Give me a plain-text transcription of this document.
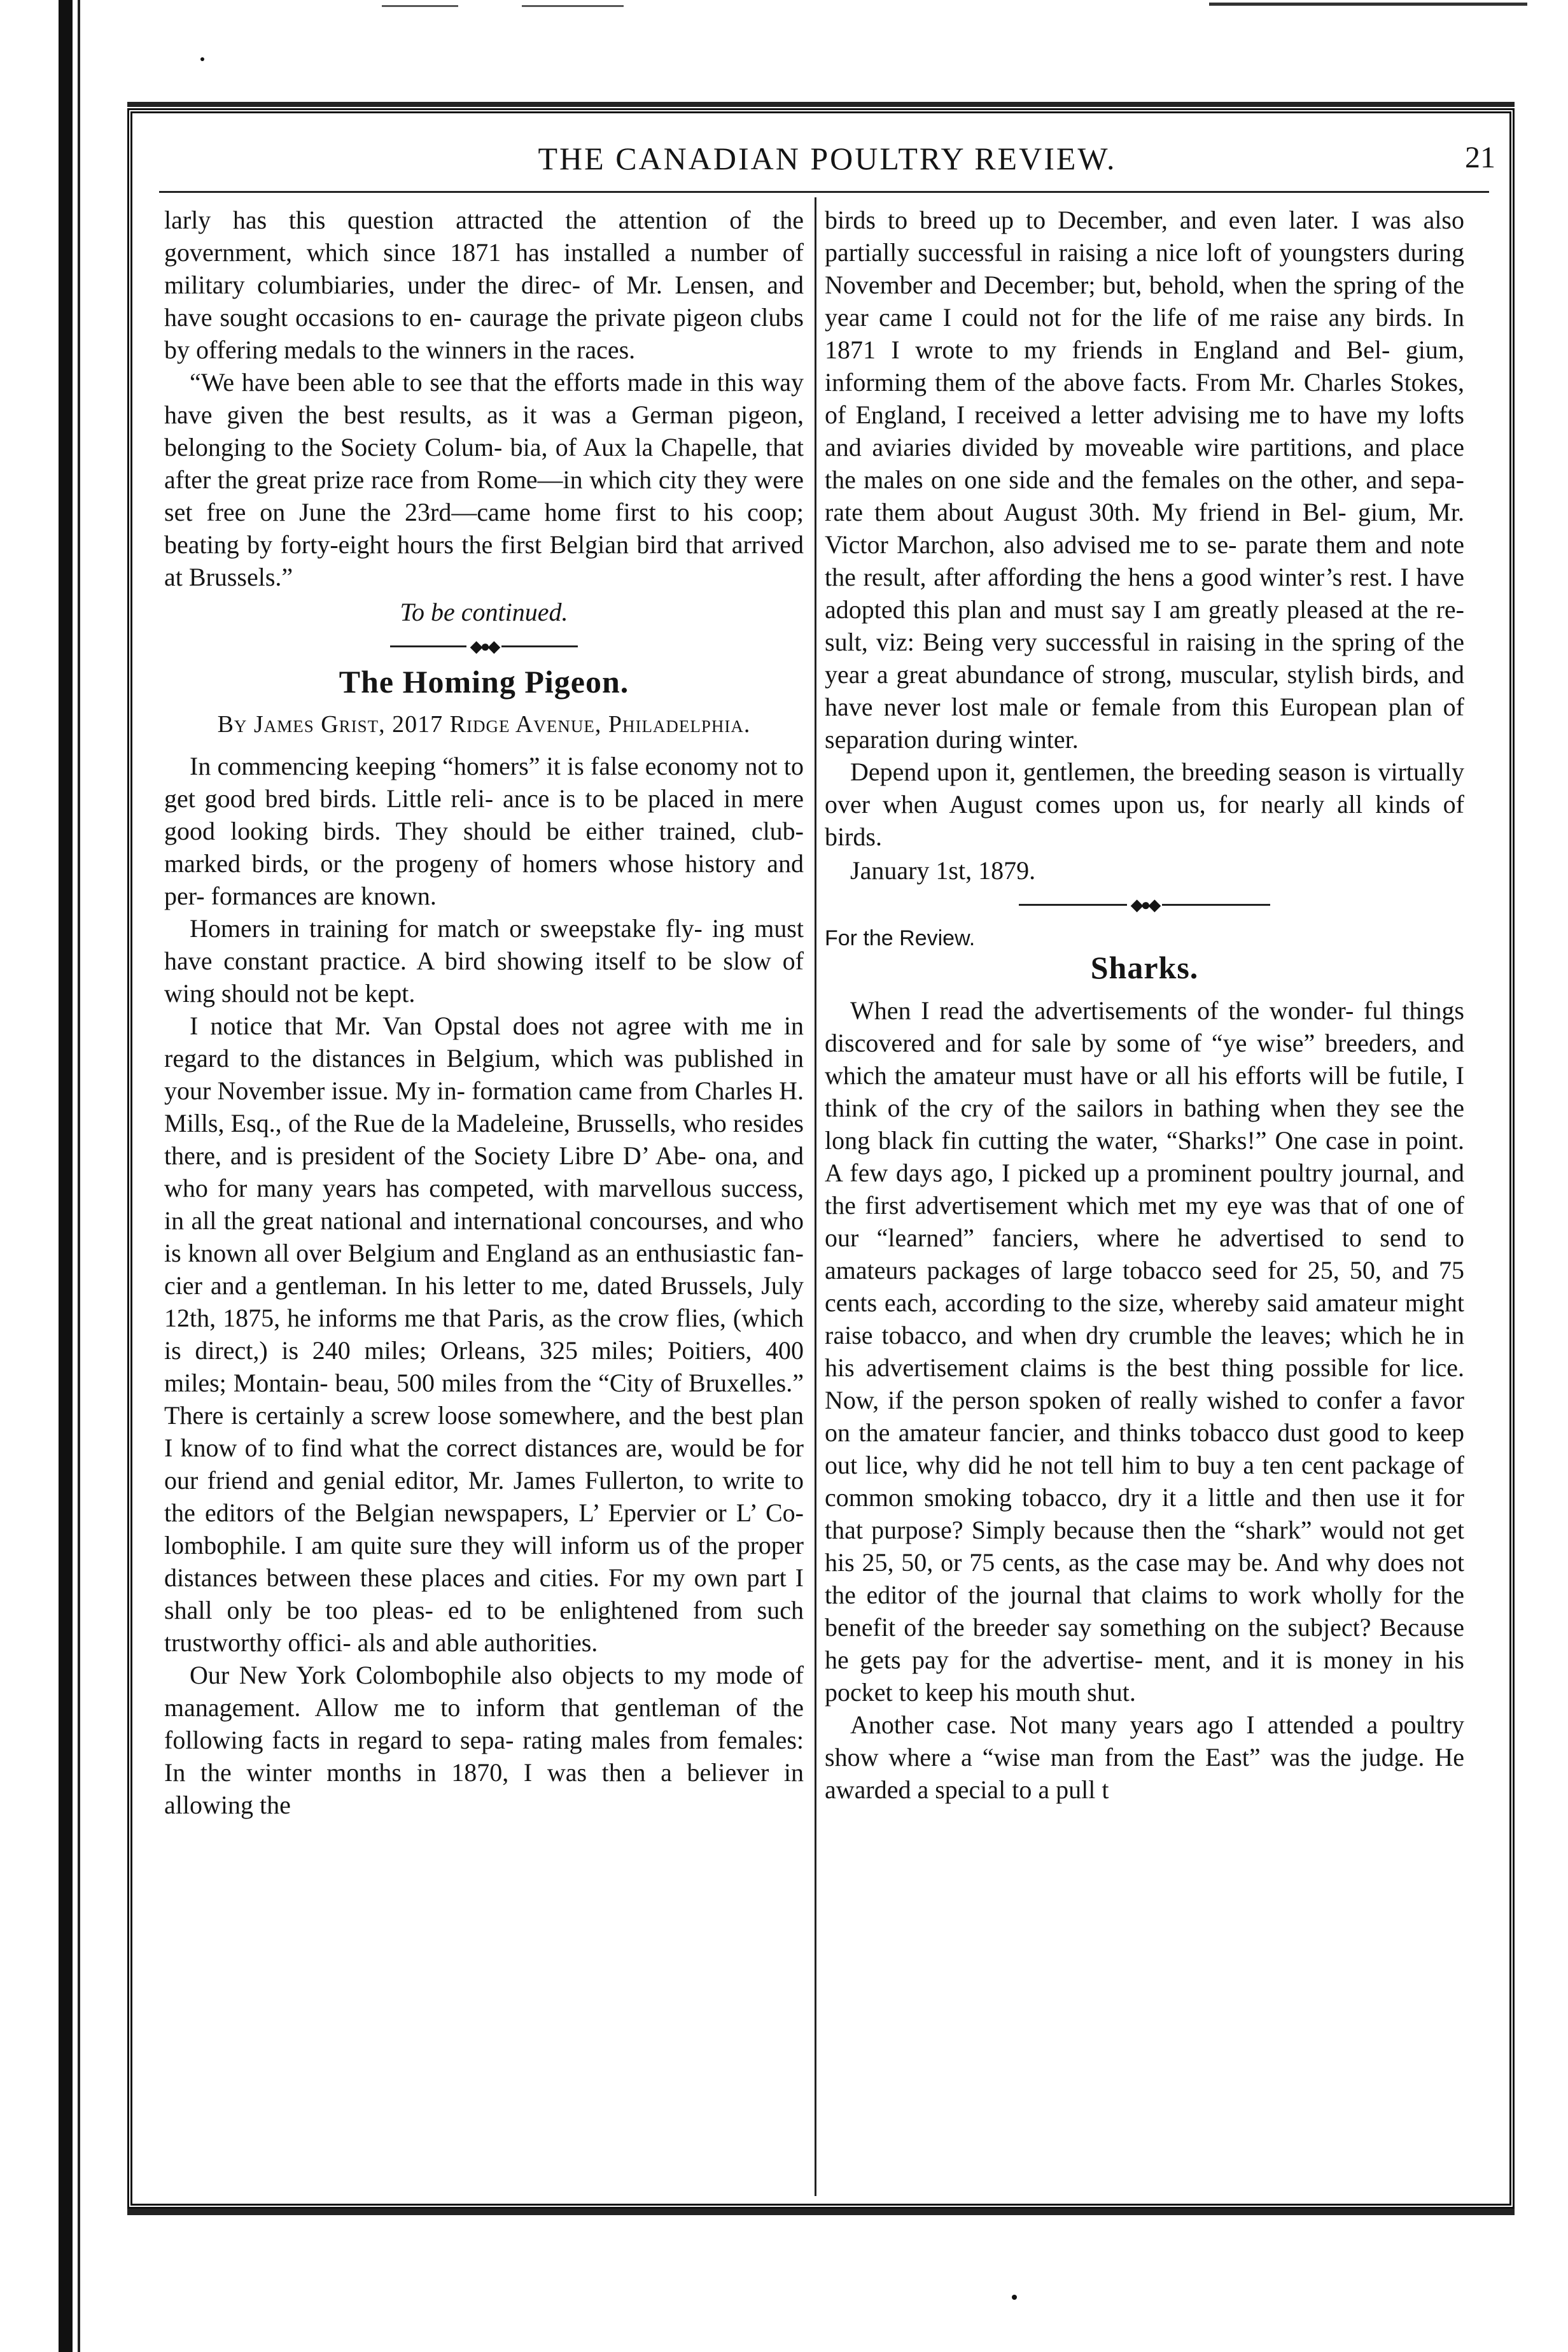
THE CANADIAN POULTRY REVIEW.	21

larly has this question attracted the attention of the government, which since 1871 has installed a number of military columbiaries, under the direc- of Mr. Lensen, and have sought occasions to en- caurage the private pigeon clubs by offering medals to the winners in the races.

“We have been able to see that the efforts made in this way have given the best results, as it was a German pigeon, belonging to the Society Colum- bia, of Aux la Chapelle, that after the great prize race from Rome—in which city they were set free on June the 23rd—came home first to his coop; beating by forty-eight hours the first Belgian bird that arrived at Brussels.”

To be continued.
◆●◆
The Homing Pigeon.
By James Grist, 2017 Ridge Avenue, Philadelphia.

In commencing keeping “homers” it is false economy not to get good bred birds. Little reli- ance is to be placed in mere good looking birds. They should be either trained, club-marked birds, or the progeny of homers whose history and per- formances are known.

Homers in training for match or sweepstake fly- ing must have constant practice. A bird showing itself to be slow of wing should not be kept.

I notice that Mr. Van Opstal does not agree with me in regard to the distances in Belgium, which was published in your November issue. My in- formation came from Charles H. Mills, Esq., of the Rue de la Madeleine, Brussells, who resides there, and is president of the Society Libre D’ Abe- ona, and who for many years has competed, with marvellous success, in all the great national and international concourses, and who is known all over Belgium and England as an enthusiastic fan- cier and a gentleman. In his letter to me, dated Brussels, July 12th, 1875, he informs me that Paris, as the crow flies, (which is direct,) is 240 miles; Orleans, 325 miles; Poitiers, 400 miles; Montain- beau, 500 miles from the “City of Bruxelles.” There is certainly a screw loose somewhere, and the best plan I know of to find what the correct distances are, would be for our friend and genial editor, Mr. James Fullerton, to write to the editors of the Belgian newspapers, L’ Epervier or L’ Co- lombophile. I am quite sure they will inform us of the proper distances between these places and cities. For my own part I shall only be too pleas- ed to be enlightened from such trustworthy offici- als and able authorities.

Our New York Colombophile also objects to my mode of management. Allow me to inform that gentleman of the following facts in regard to sepa- rating males from females: In the winter months in 1870, I was then a believer in allowing the

birds to breed up to December, and even later. I was also partially successful in raising a nice loft of youngsters during November and December; but, behold, when the spring of the year came I could not for the life of me raise any birds. In 1871 I wrote to my friends in England and Bel- gium, informing them of the above facts. From Mr. Charles Stokes, of England, I received a letter advising me to have my lofts and aviaries divided by moveable wire partitions, and place the males on one side and the females on the other, and sepa- rate them about August 30th. My friend in Bel- gium, Mr. Victor Marchon, also advised me to se- parate them and note the result, after affording the hens a good winter’s rest. I have adopted this plan and must say I am greatly pleased at the re- sult, viz: Being very successful in raising in the spring of the year a great abundance of strong, muscular, stylish birds, and have never lost male or female from this European plan of separation during winter.

Depend upon it, gentlemen, the breeding season is virtually over when August comes upon us, for nearly all kinds of birds.

January 1st, 1879.
◆●◆
For the Review.
Sharks.

When I read the advertisements of the wonder- ful things discovered and for sale by some of “ye wise” breeders, and which the amateur must have or all his efforts will be futile, I think of the cry of the sailors in bathing when they see the long black fin cutting the water, “Sharks!” One case in point. A few days ago, I picked up a prominent poultry journal, and the first advertisement which met my eye was that of one of our “learned” fanciers, where he advertised to send to amateurs packages of large tobacco seed for 25, 50, and 75 cents each, according to the size, whereby said amateur might raise tobacco, and when dry crumble the leaves; which he in his advertisement claims is the best thing possible for lice. Now, if the person spoken of really wished to confer a favor on the amateur fancier, and thinks tobacco dust good to keep out lice, why did he not tell him to buy a ten cent package of common smoking tobacco, dry it a little and then use it for that purpose? Simply because then the “shark” would not get his 25, 50, or 75 cents, as the case may be. And why does not the editor of the journal that claims to work wholly for the benefit of the breeder say something on the subject? Because he gets pay for the advertise- ment, and it is money in his pocket to keep his mouth shut.

Another case. Not many years ago I attended a poultry show where a “wise man from the East” was the judge. He awarded a special to a pull t
